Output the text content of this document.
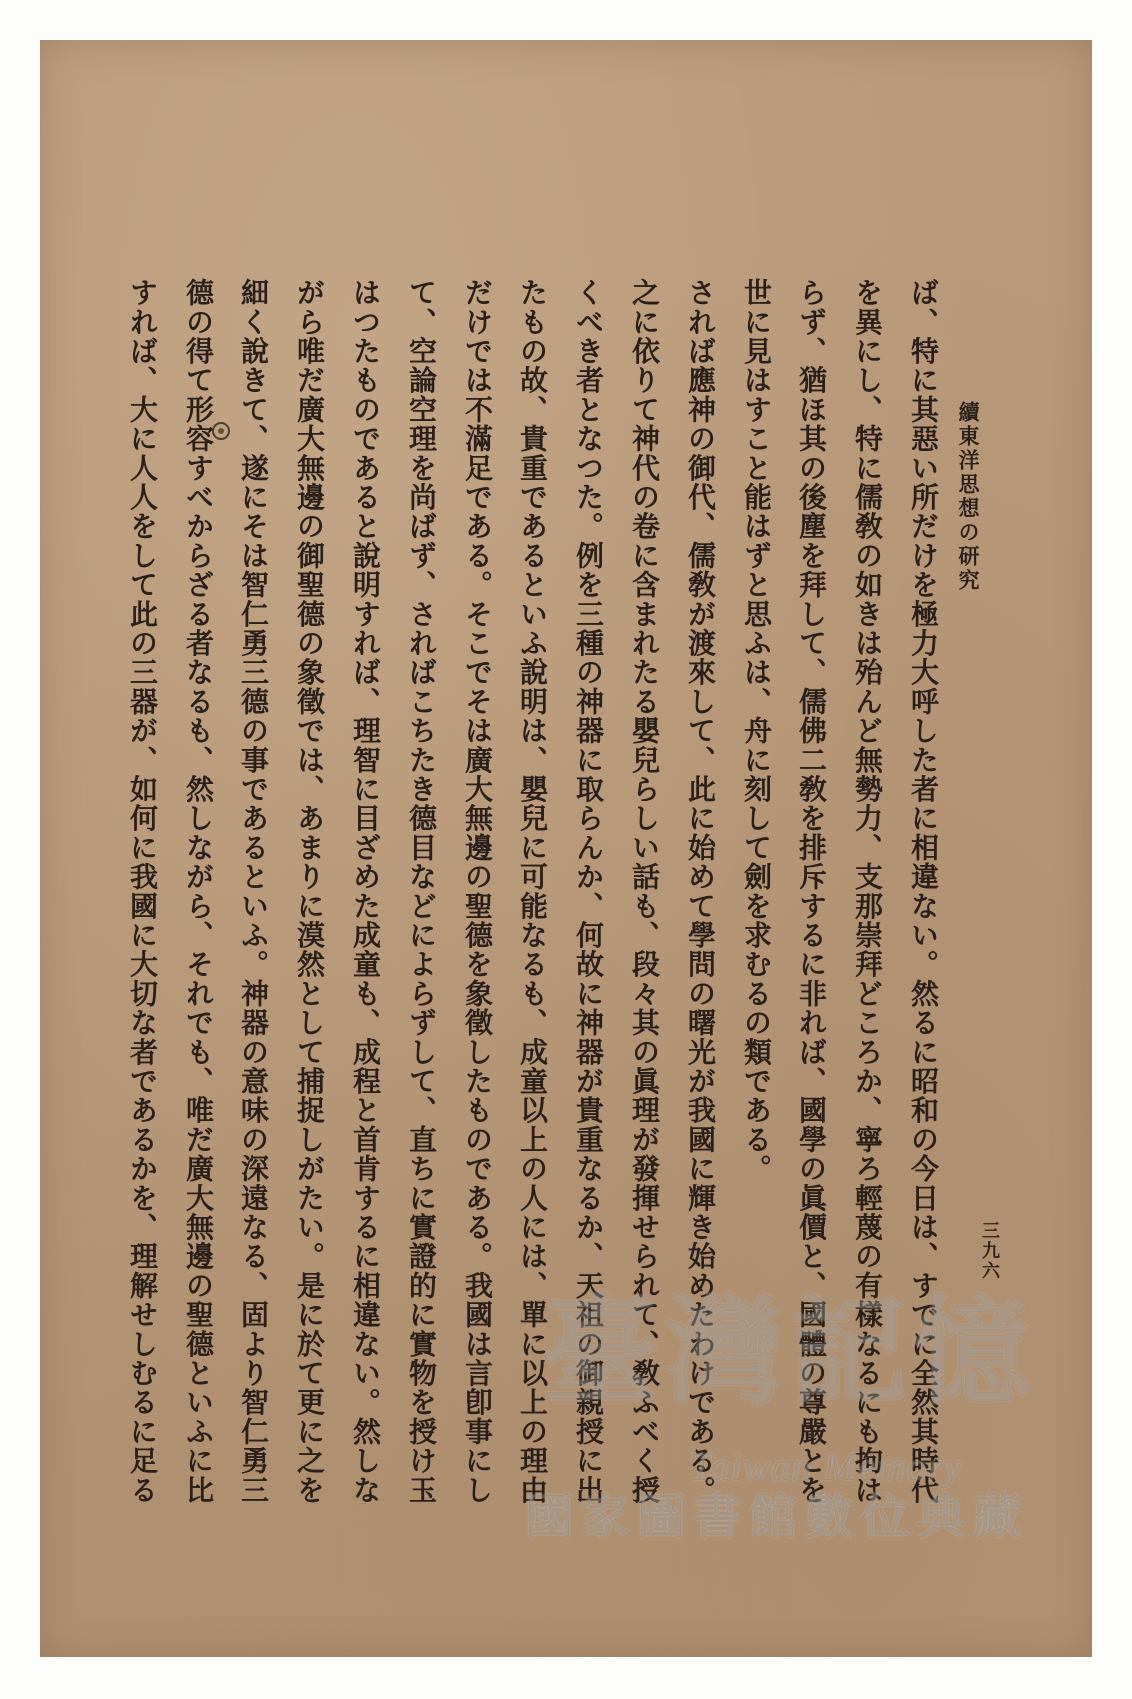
續東洋思想の研究
三九六
ば、特に其惡い所だけを極力大呼した者に相違ない。然るに昭和の今日は、すでに全然其時代
を異にし、特に儒敎の如きは殆んど無勢力、支那崇拜どころか、寧ろ輕蔑の有樣なるにも拘は
らず、猶ほ其の後塵を拜して、儒佛二敎を排斥するに非れば、國學の眞價と、國體の尊嚴とを
世に見はすこと能はずと思ふは、舟に刻して劍を求むるの類である。
されば應神の御代、儒敎が渡來して、此に始めて學問の曙光が我國に輝き始めたわけである。
之に依りて神代の卷に含まれたる嬰兒らしい話も、段々其の眞理が發揮せられて、敎ふべく授
くべき者となつた。例を三種の神器に取らんか、何故に神器が貴重なるか、天祖の御親授に出
たもの故、貴重であるといふ說明は、嬰兒に可能なるも、成童以上の人には、單に以上の理由
だけでは不滿足である。そこでそは廣大無邊の聖德を象徵したものである。我國は言卽事にし
て、空論空理を尚ばず、さればこちたき德目などによらずして、直ちに實證的に實物を授け玉
はつたものであると說明すれば、理智に目ざめた成童も、成程と首肯するに相違ない。然しな
がら唯だ廣大無邊の御聖德の象徵では、あまりに漠然として捕捉しがたい。是に於て更に之を
細く說きて、遂にそは智仁勇三德の事であるといふ。神器の意味の深遠なる、固より智仁勇三
德の得て形容すべからざる者なるも、然しながら、それでも、唯だ廣大無邊の聖德といふに比
すれば、大に人人をして此の三器が、如何に我國に大切な者であるかを、理解せしむるに足る	臺灣記憶
Taiwan Memory
國家圖書館數位典藏
